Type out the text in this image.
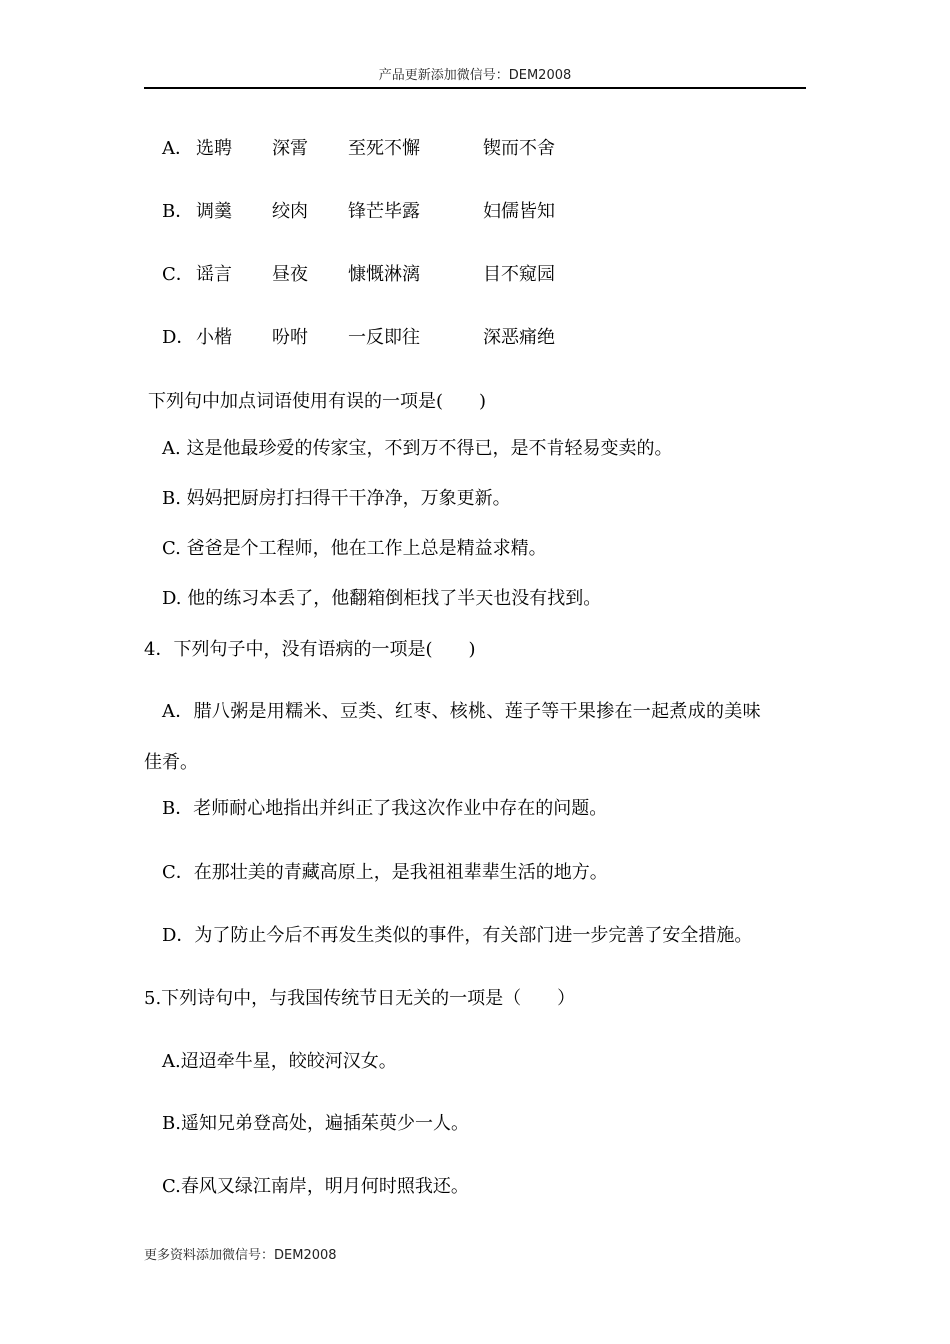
产品更新添加微信号：DEM2008
A． 选聘 深霄 至死不懈	锲而不舍
B． 调羹 绞肉 锋芒毕露	妇儒皆知
C． 谣言 昼夜 慷慨淋漓	目不窥园
D． 小楷 吩咐 一反即往	深恶痛绝
下列句中加点词语使用有误的一项是(　　)
A. 这是他最珍爱的传家宝，不到万不得已，是不肯轻易变卖的。
B. 妈妈把厨房打扫得干干净净，万象更新。
C. 爸爸是个工程师，他在工作上总是精益求精。
D. 他的练习本丢了，他翻箱倒柜找了半天也没有找到。
4．下列句子中，没有语病的一项是(　　)
A．腊八粥是用糯米、豆类、红枣、核桃、莲子等干果掺在一起煮成的美味
佳肴。
B．老师耐心地指出并纠正了我这次作业中存在的问题。
C．在那壮美的青藏高原上，是我祖祖辈辈生活的地方。
D．为了防止今后不再发生类似的事件，有关部门进一步完善了安全措施。
5.下列诗句中，与我国传统节日无关的一项是（　　）
A.迢迢牵牛星，皎皎河汉女。
B.遥知兄弟登高处，遍插茱萸少一人。
C.春风又绿江南岸，明月何时照我还。
更多资料添加微信号：DEM2008
